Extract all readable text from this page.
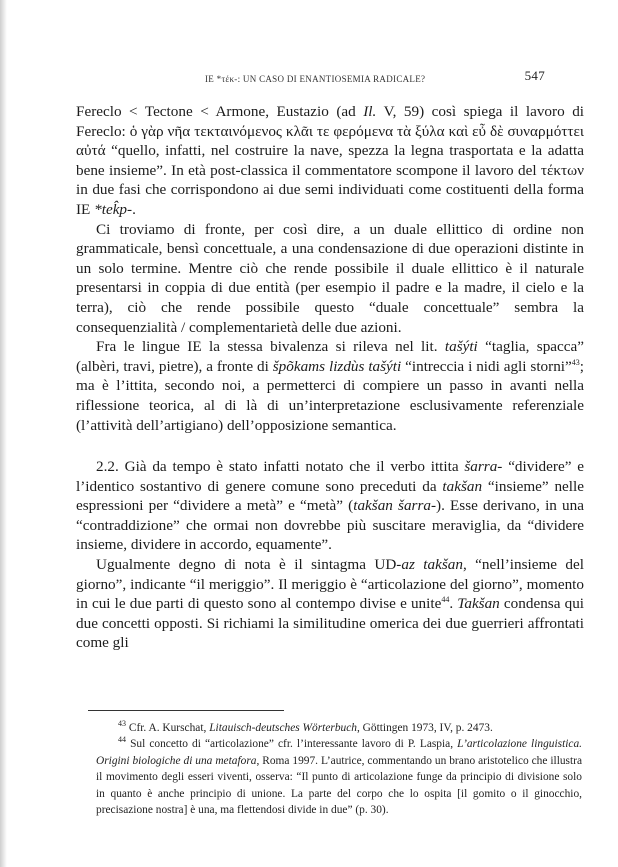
IE *τέκ-: UN CASO DI ENANTIOSEMIA RADICALE?	547

Fereclo < Tectone < Armone, Eustazio (ad Il. V, 59) così spiega il lavoro di Fereclo: ὁ γὰρ νῆα τεκταινόμενος κλᾶι τε φερόμενα τὰ ξύλα καὶ εὖ δὲ συναρμόττει αὐτά “quello, infatti, nel costruire la nave, spezza la legna trasportata e la adatta bene insieme”. In età post-classica il commentatore scompone il lavoro del τέκτων in due fasi che corrispondono ai due semi individuati come costituenti della forma IE *tek̂p-.

Ci troviamo di fronte, per così dire, a un duale ellittico di ordine non grammaticale, bensì concettuale, a una condensazione di due operazioni distinte in un solo termine. Mentre ciò che rende possibile il duale ellittico è il naturale presentarsi in coppia di due entità (per esempio il padre e la madre, il cielo e la terra), ciò che rende possibile questo “duale concettuale” sembra la consequenzialità / complementarietà delle due azioni.

Fra le lingue IE la stessa bivalenza si rileva nel lit. tašýti “taglia, spacca” (albèri, travi, pietre), a fronte di špõkams lizdùs tašýti “intreccia i nidi agli storni”$^{43}$; ma è l’ittita, secondo noi, a permetterci di compiere un passo in avanti nella riflessione teorica, al di là di un’interpretazione esclusivamente referenziale (l’attività dell’artigiano) dell’opposizione semantica.

2.2. Già da tempo è stato infatti notato che il verbo ittita šarra- “dividere” e l’identico sostantivo di genere comune sono preceduti da takšan “insieme” nelle espressioni per “dividere a metà” e “metà” (takšan šarra-). Esse derivano, in una “contraddizione” che ormai non dovrebbe più suscitare meraviglia, da “dividere insieme, dividere in accordo, equamente”.

Ugualmente degno di nota è il sintagma UD-az takšan, “nell’insieme del giorno”, indicante “il meriggio”. Il meriggio è “articolazione del giorno”, momento in cui le due parti di questo sono al contempo divise e unite$^{44}$. Takšan condensa qui due concetti opposti. Si richiami la similitudine omerica dei due guerrieri affrontati come gli

$^{43}$ Cfr. A. Kurschat, Litauisch-deutsches Wörterbuch, Göttingen 1973, IV, p. 2473.

$^{44}$ Sul concetto di “articolazione” cfr. l’interessante lavoro di P. Laspia, L’articolazione linguistica. Origini biologiche di una metafora, Roma 1997. L’autrice, commentando un brano aristotelico che illustra il movimento degli esseri viventi, osserva: “Il punto di articolazione funge da principio di divisione solo in quanto è anche principio di unione. La parte del corpo che lo ospita [il gomito o il ginocchio, precisazione nostra] è una, ma flettendosi divide in due” (p. 30).
